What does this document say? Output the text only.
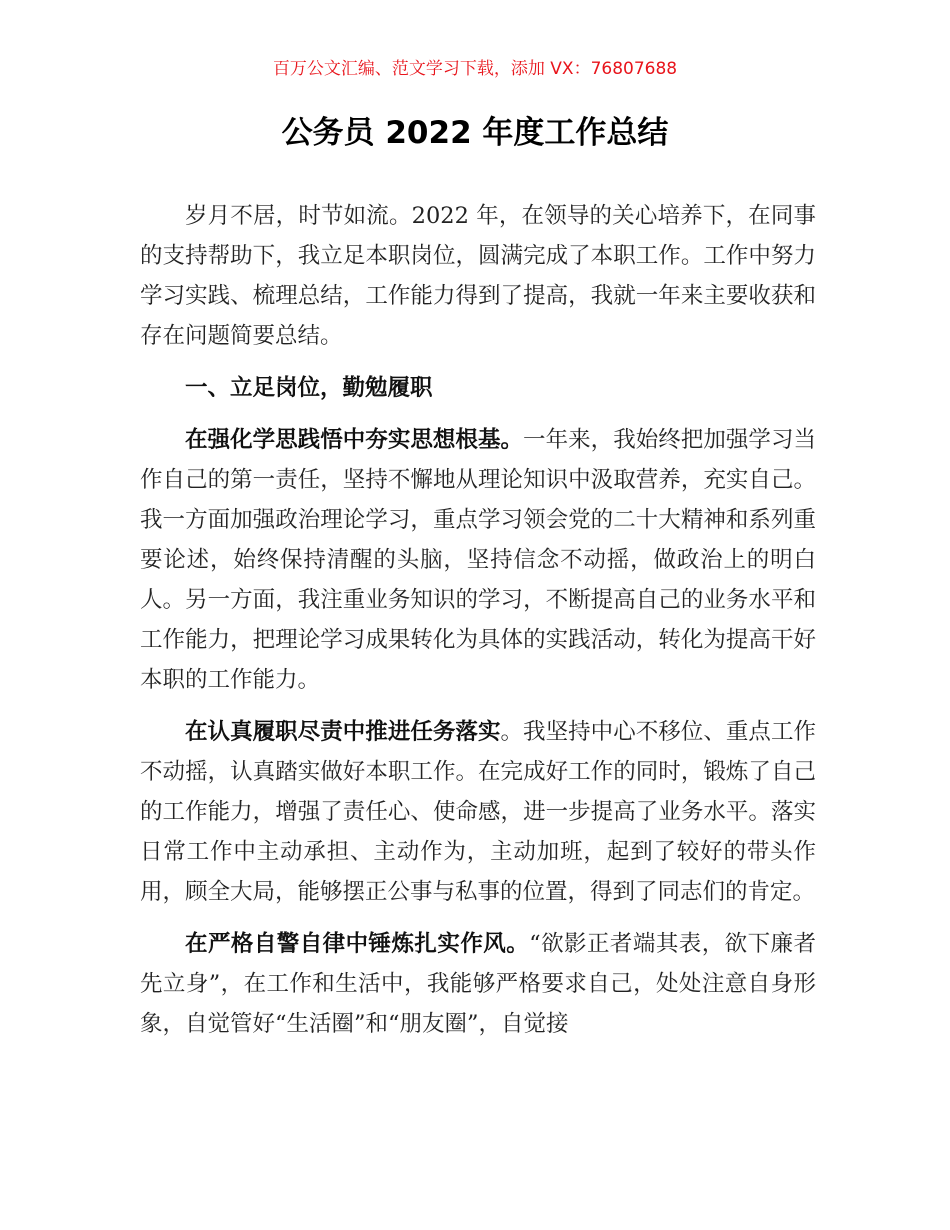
百万公文汇编、范文学习下载，添加 VX：76807688
公务员 2022 年度工作总结

岁月不居，时节如流。2022 年，在领导的关心培养下，在同事的支持帮助下，我立足本职岗位，圆满完成了本职工作。工作中努力学习实践、梳理总结，工作能力得到了提高，我就一年来主要收获和存在问题简要总结。

一、立足岗位，勤勉履职

在强化学思践悟中夯实思想根基。一年来，我始终把加强学习当作自己的第一责任，坚持不懈地从理论知识中汲取营养，充实自己。我一方面加强政治理论学习，重点学习领会党的二十大精神和系列重要论述，始终保持清醒的头脑，坚持信念不动摇，做政治上的明白人。另一方面，我注重业务知识的学习，不断提高自己的业务水平和工作能力，把理论学习成果转化为具体的实践活动，转化为提高干好本职的工作能力。

在认真履职尽责中推进任务落实。我坚持中心不移位、重点工作不动摇，认真踏实做好本职工作。在完成好工作的同时，锻炼了自己的工作能力，增强了责任心、使命感，进一步提高了业务水平。落实日常工作中主动承担、主动作为，主动加班，起到了较好的带头作用，顾全大局，能够摆正公事与私事的位置，得到了同志们的肯定。

在严格自警自律中锤炼扎实作风。“欲影正者端其表，欲下廉者先立身”，在工作和生活中，我能够严格要求自己，处处注意自身形象，自觉管好“生活圈”和“朋友圈”，自觉接
